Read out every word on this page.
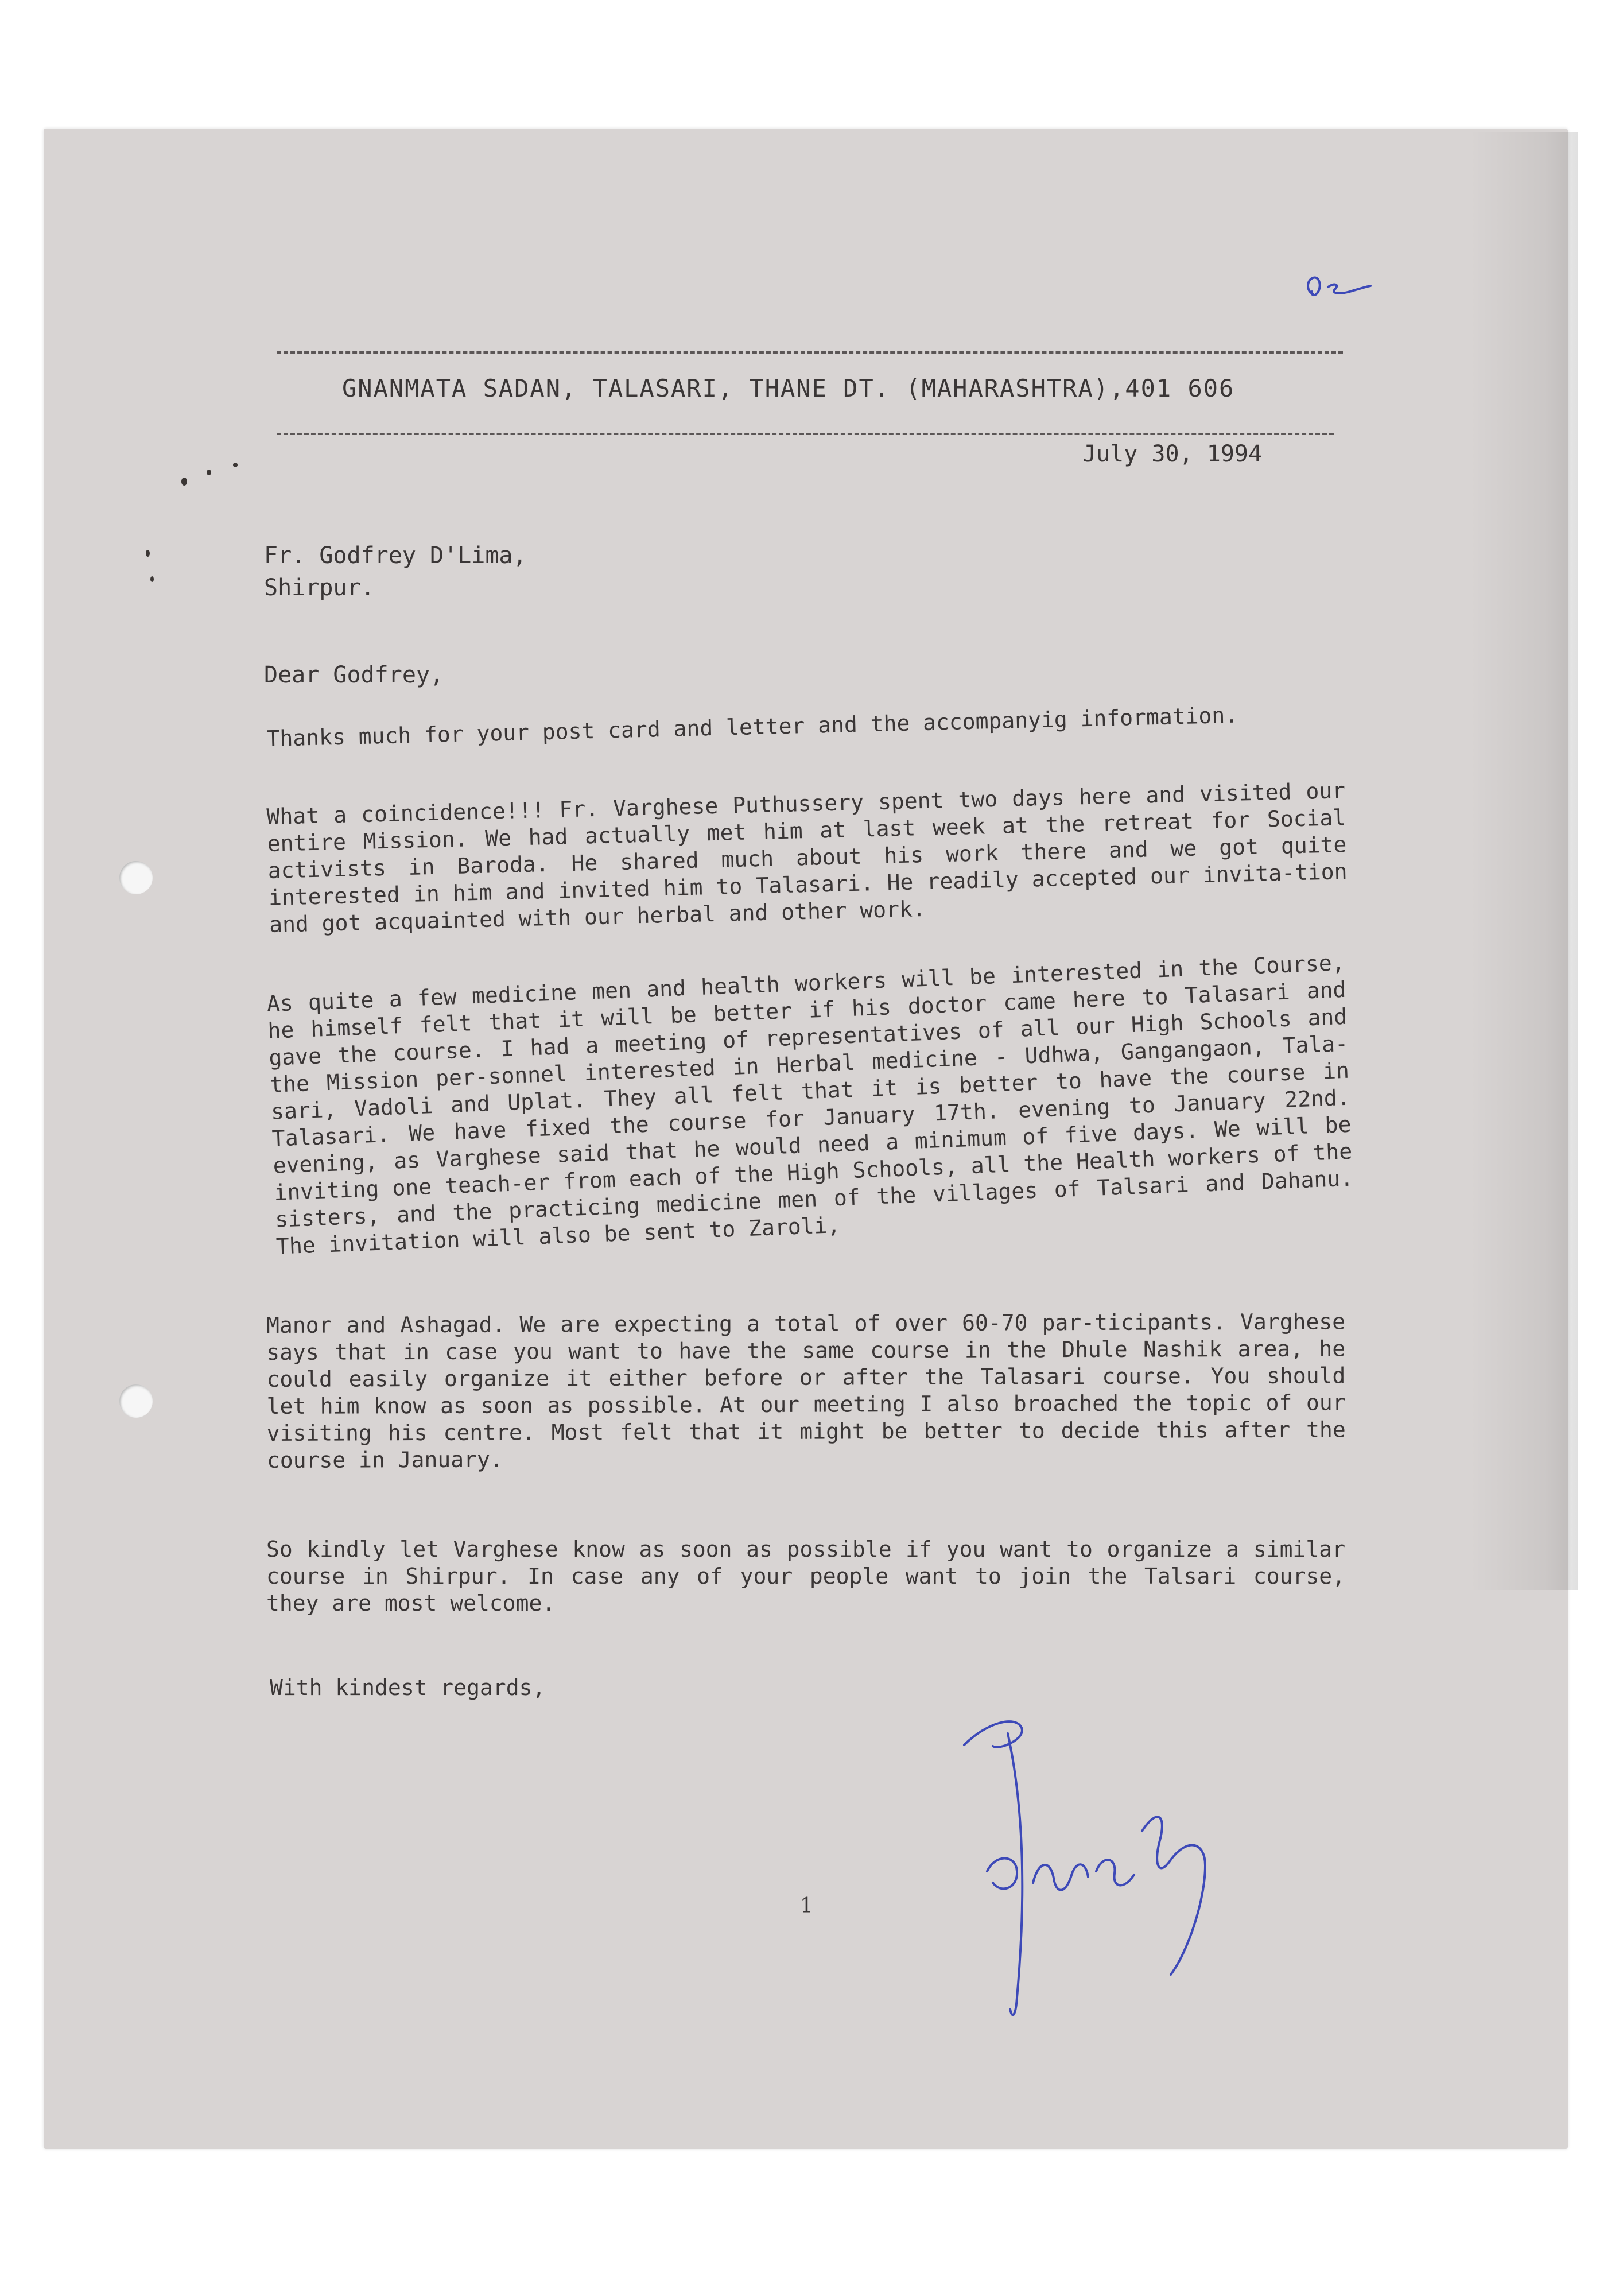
GNANMATA SADAN, TALASARI, THANE DT. (MAHARASHTRA),401 606
July 30, 1994
Fr. Godfrey D'Lima,
Shirpur.
Dear Godfrey,
Thanks much for your post card and letter and the accompanyig information.
What a coincidence!!! Fr. Varghese Puthussery spent two days here and visited our entire Mission. We had actually met him at last week at the retreat for Social activists in Baroda. He shared much about his work there and we got quite interested in him and invited him to Talasari. He readily accepted our invita-tion and got acquainted with our herbal and other work.
As quite a few medicine men and health workers will be interested in the Course, he himself felt that it will be better if his doctor came here to Talasari and gave the course. I had a meeting of representatives of all our High Schools and the Mission per-sonnel interested in Herbal medicine - Udhwa, Gangangaon, Tala-sari, Vadoli and Uplat. They all felt that it is better to have the course in Talasari. We have fixed the course for January 17th. evening to January 22nd. evening, as Varghese said that he would need a minimum of five days. We will be inviting one teach-er from each of the High Schools, all the Health workers of the sisters, and the practicing medicine men of the villages of Talsari and Dahanu. The invitation will also be sent to Zaroli,
Manor and Ashagad. We are expecting a total of over 60-70 par-ticipants. Varghese says that in case you want to have the same course in the Dhule Nashik area, he could easily organize it either before or after the Talasari course. You should let him know as soon as possible. At our meeting I also broached the topic of our visiting his centre. Most felt that it might be better to decide this after the course in January.
So kindly let Varghese know as soon as possible if you want to organize a similar course in Shirpur. In case any of your people want to join the Talsari course, they are most welcome.
With kindest regards,
1
